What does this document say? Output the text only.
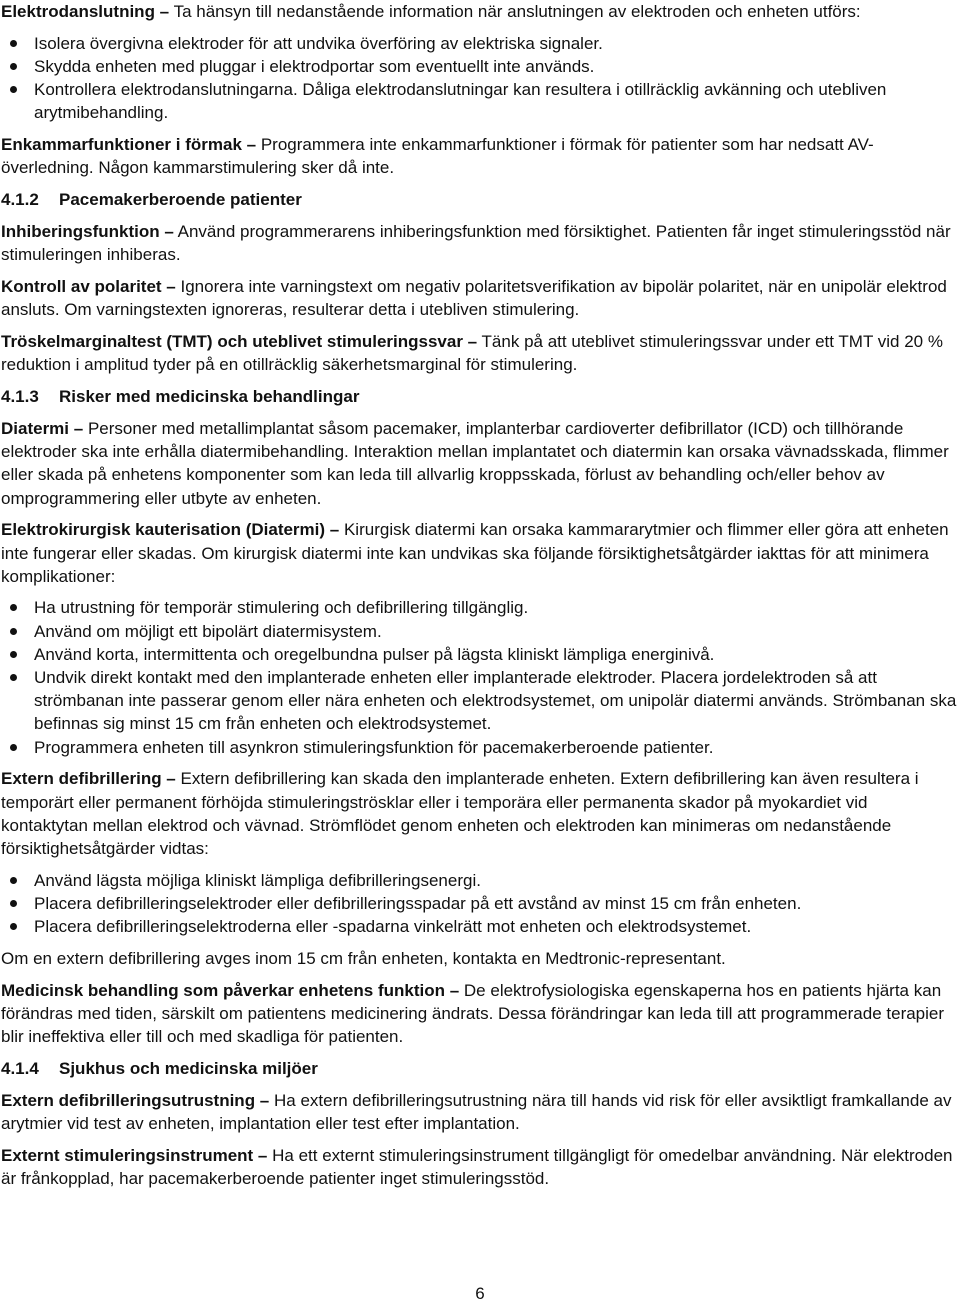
Elektrodanslutning – Ta hänsyn till nedanstående information när anslutningen av elektroden och enheten utförs:

Isolera övergivna elektroder för att undvika överföring av elektriska signaler.
Skydda enheten med pluggar i elektrodportar som eventuellt inte används.
Kontrollera elektrodanslutningarna. Dåliga elektrodanslutningar kan resultera i otillräcklig avkänning och utebliven arytmibehandling.

Enkammarfunktioner i förmak – Programmera inte enkammarfunktioner i förmak för patienter som har nedsatt AV-överledning. Någon kammarstimulering sker då inte.

4.1.2 Pacemakerberoende patienter

Inhiberingsfunktion – Använd programmerarens inhiberingsfunktion med försiktighet. Patienten får inget stimuleringsstöd när stimuleringen inhiberas.

Kontroll av polaritet – Ignorera inte varningstext om negativ polaritetsverifikation av bipolär polaritet, när en unipolär elektrod ansluts. Om varningstexten ignoreras, resulterar detta i utebliven stimulering.

Tröskelmarginaltest (TMT) och uteblivet stimuleringssvar – Tänk på att uteblivet stimuleringssvar under ett TMT vid 20 % reduktion i amplitud tyder på en otillräcklig säkerhetsmarginal för stimulering.

4.1.3 Risker med medicinska behandlingar

Diatermi – Personer med metallimplantat såsom pacemaker, implanterbar cardioverter defibrillator (ICD) och tillhörande elektroder ska inte erhålla diatermibehandling. Interaktion mellan implantatet och diatermin kan orsaka vävnadsskada, flimmer eller skada på enhetens komponenter som kan leda till allvarlig kroppsskada, förlust av behandling och/eller behov av omprogrammering eller utbyte av enheten.

Elektrokirurgisk kauterisation (Diatermi) – Kirurgisk diatermi kan orsaka kammararytmier och flimmer eller göra att enheten inte fungerar eller skadas. Om kirurgisk diatermi inte kan undvikas ska följande försiktighetsåtgärder iakttas för att minimera komplikationer:

Ha utrustning för temporär stimulering och defibrillering tillgänglig.
Använd om möjligt ett bipolärt diatermisystem.
Använd korta, intermittenta och oregelbundna pulser på lägsta kliniskt lämpliga energinivå.
Undvik direkt kontakt med den implanterade enheten eller implanterade elektroder. Placera jordelektroden så att strömbanan inte passerar genom eller nära enheten och elektrodsystemet, om unipolär diatermi används. Strömbanan ska befinnas sig minst 15 cm från enheten och elektrodsystemet.
Programmera enheten till asynkron stimuleringsfunktion för pacemakerberoende patienter.

Extern defibrillering – Extern defibrillering kan skada den implanterade enheten. Extern defibrillering kan även resultera i temporärt eller permanent förhöjda stimuleringströsklar eller i temporära eller permanenta skador på myokardiet vid kontaktytan mellan elektrod och vävnad. Strömflödet genom enheten och elektroden kan minimeras om nedanstående försiktighetsåtgärder vidtas:

Använd lägsta möjliga kliniskt lämpliga defibrilleringsenergi.
Placera defibrilleringselektroder eller defibrilleringsspadar på ett avstånd av minst 15 cm från enheten.
Placera defibrilleringselektroderna eller -spadarna vinkelrätt mot enheten och elektrodsystemet.

Om en extern defibrillering avges inom 15 cm från enheten, kontakta en Medtronic-representant.

Medicinsk behandling som påverkar enhetens funktion – De elektrofysiologiska egenskaperna hos en patients hjärta kan förändras med tiden, särskilt om patientens medicinering ändrats. Dessa förändringar kan leda till att programmerade terapier blir ineffektiva eller till och med skadliga för patienten.

4.1.4 Sjukhus och medicinska miljöer

Extern defibrilleringsutrustning – Ha extern defibrilleringsutrustning nära till hands vid risk för eller avsiktligt framkallande av arytmier vid test av enheten, implantation eller test efter implantation.

Externt stimuleringsinstrument – Ha ett externt stimuleringsinstrument tillgängligt för omedelbar användning. När elektroden är frånkopplad, har pacemakerberoende patienter inget stimuleringsstöd.

6
